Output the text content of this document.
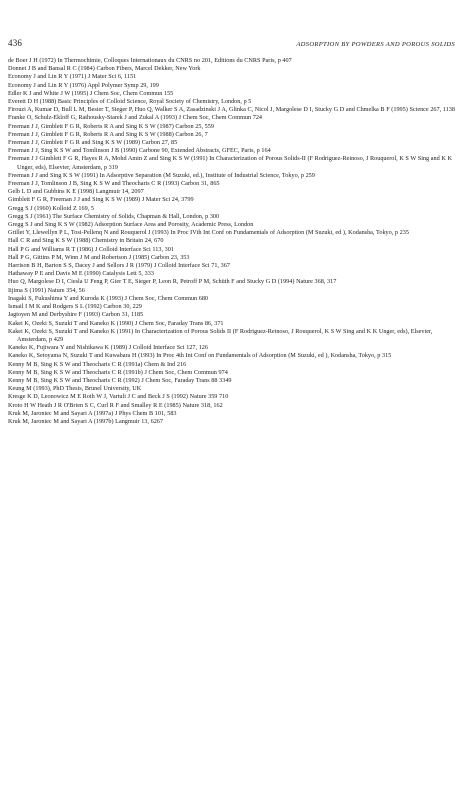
436	ADSORPTION BY POWDERS AND POROUS SOLIDS
de Boer J H (1972) In Thermochimie, Colloques Internationaux du CNRS no 201, Editions du CNRS Paris, p 407
Donnet J B and Bansal R C (1984) Carbon Fibers, Marcel Dekker, New York
Economy J and Lin R Y (1971) J Mater Sci 6, 1151
Economy J and Lin R Y (1976) Appl Polymer Symp 29, 199
Edler K J and White J W (1995) J Chem Soc, Chem Commun 155
Everett D H (1988) Basic Principles of Colloid Science, Royal Society of Chemistry, London, p 5
Firouzi A, Kumar D, Bull L M, Besier T, Sieger P, Huo Q, Walker S A, Zasadzinski J A, Glinka C, Nicol J, Margolese D I, Stucky G D and Chmelka B F (1995) Science 267, 1138
Franke O, Schulz-Ekloff G, Rathousky-Starek J and Zukal A (1993) J Chem Soc, Chem Commun 724
Freeman J J, Gimblett F G R, Roberts R A and Sing K S W (1987) Carbon 25, 559
Freeman J J, Gimblett F G R, Roberts R A and Sing K S W (1988) Carbon 26, 7
Freeman J J, Gimblett F G R and Sing K S W (1989) Carbon 27, 85
Freeman J J, Sing K S W and Tomlinson J B (1990) Carbone 90, Extended Abstracts, GFEC, Paris, p 164
Freeman J J Gimblett F G R, Hayes R A, Mohd Amin Z and Sing K S W (1991) In Characterization of Porous Solids-II (F Rodriguez-Reinoso, J Rouquerol, K S W Sing and K K Unger, eds), Elsevier, Amsterdam, p 319
Freeman J J and Sing K S W (1991) In Adsorptive Separation (M Suzuki, ed.), Institute of Industrial Science, Tokyo, p 259
Freeman J J, Tomlinson J B, Sing K S W and Theocharis C R (1993) Carbon 31, 865
Gelb L D and Gubbins K E (1998) Langmuir 14, 2097
Gimblett F G R, Freeman J J and Sing K S W (1989) J Mater Sci 24, 3799
Gregg S J (1960) Kolloid Z 169, 5
Gregg S J (1961) The Surface Chemistry of Solids, Chapman & Hall, London, p 300
Gregg S J and Sing K S W (1982) Adsorption Surface Area and Porosity, Academic Press, London
Grillet Y, Llewellyn P L, Tosi-Pellenq N and Rouquerol J (1993) In Proc IVth Int Conf on Fundamentals of Adsorption (M Suzuki, ed ), Kodansha, Tokyo, p 235
Hall C R and Sing K S W (1988) Chemistry in Britain 24, 670
Hall P G and Williams R T (1986) J Colloid Interface Sci 113, 301
Hall P G, Gittins P M, Winn J M and Robertson J (1985) Carbon 23, 353
Harrison B H, Barton S S, Dacey J and Sellors J R (1979) J Colloid Interface Sci 71, 367
Hathaway P E and Davis M E (1990) Catalysis Lett 5, 333
Huo Q, Margolese D I, Ciesla U Feng P, Gier T E, Sieger P, Leon R, Petroff P M, Schüth F and Stucky G D (1994) Nature 368, 317
Iijima S (1991) Nature 354, 56
Inagaki S, Fukushima Y and Kuroda K (1993) J Chem Soc, Chem Commun 680
Ismail I M K and Rodgers S L (1992) Carbon 30, 229
Jagtoyen M and Derbyshire F (1993) Carbon 31, 1185
Kakei K, Ozeki S, Suzuki T and Kaneko K (1990) J Chem Soc, Faraday Trans 86, 371
Kakei K, Ozeki S, Suzuki T and Kaneko K (1991) In Characterization of Porous Solids II (F Rodriguez-Reinoso, J Rouquerol, K S W Sing and K K Unger, eds), Elsevier, Amsterdam, p 429
Kaneko K, Fujiwara Y and Nishikawa K (1989) J Colloid Interface Sci 127, 126
Kaneko K, Setoyama N, Suzuki T and Kuwabara H (1993) In Proc 4th Int Conf on Fundamentals of Adsorption (M Suzuki, ed ), Kodansha, Tokyo, p 315
Kenny M B, Sing K S W and Theocharis C R (1991a) Chem & Ind 216
Kenny M B, Sing K S W and Theocharis C R (1991b) J Chem Soc, Chem Commun 974
Kenny M B, Sing K S W and Theocharis C R (1992) J Chem Soc, Faraday Trans 88 3349
Keung M (1993), PhD Thesis, Brunel University, UK
Kresge K D, Leonowicz M E Roth W J, Vartuli J C and Beck J S (1992) Nature 359 710
Kroto H W Heath J R O'Brien S C, Curl R F and Smalley R E (1985) Nature 318, 162
Kruk M, Jaroniec M and Sayari A (1997a) J Phys Chem B 101, 583
Kruk M, Jaroniec M and Sayari A (1997b) Langmuir 13, 6267
